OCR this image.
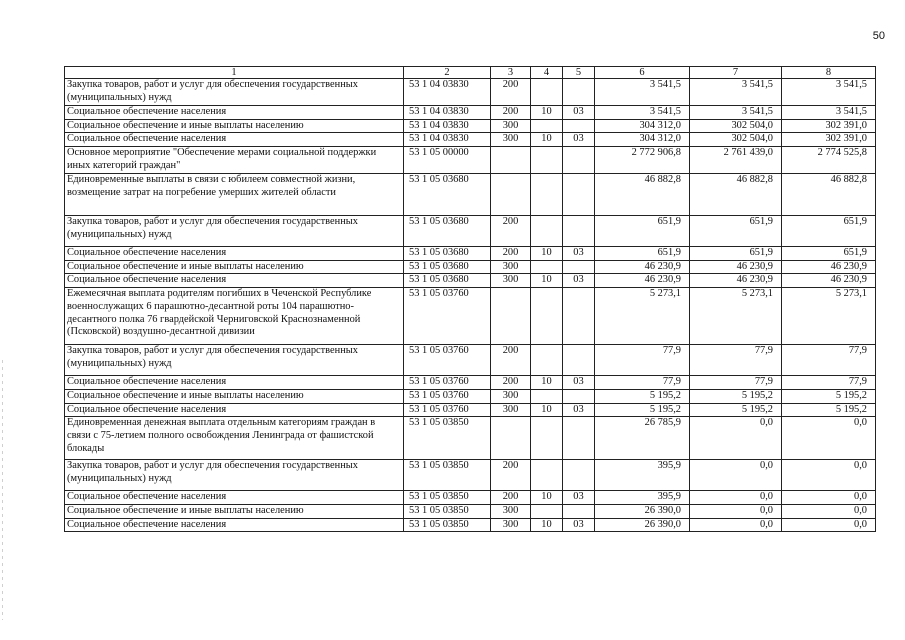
50
1	2	3	4	5	6	7	8
Закупка товаров, работ и услуг для обеспечения государственных (муниципальных) нужд	53 1 04 03830	200			3 541,5	3 541,5	3 541,5
Социальное обеспечение населения	53 1 04 03830	200	10	03	3 541,5	3 541,5	3 541,5
Социальное обеспечение и иные выплаты населению	53 1 04 03830	300			304 312,0	302 504,0	302 391,0
Социальное обеспечение населения	53 1 04 03830	300	10	03	304 312,0	302 504,0	302 391,0
Основное мероприятие "Обеспечение мерами социальной поддержки иных категорий граждан"	53 1 05 00000				2 772 906,8	2 761 439,0	2 774 525,8
Единовременные выплаты в связи с юбилеем совместной жизни, возмещение затрат на погребение умерших жителей области	53 1 05 03680				46 882,8	46 882,8	46 882,8
Закупка товаров, работ и услуг для обеспечения государственных (муниципальных) нужд	53 1 05 03680	200			651,9	651,9	651,9
Социальное обеспечение населения	53 1 05 03680	200	10	03	651,9	651,9	651,9
Социальное обеспечение и иные выплаты населению	53 1 05 03680	300			46 230,9	46 230,9	46 230,9
Социальное обеспечение населения	53 1 05 03680	300	10	03	46 230,9	46 230,9	46 230,9
Ежемесячная выплата родителям погибших в Чеченской Республике военнослужащих 6 парашютно-десантной роты 104 парашютно-десантного полка 76 гвардейской Черниговской Краснознаменной (Псковской) воздушно-десантной дивизии	53 1 05 03760				5 273,1	5 273,1	5 273,1
Закупка товаров, работ и услуг для обеспечения государственных (муниципальных) нужд	53 1 05 03760	200			77,9	77,9	77,9
Социальное обеспечение населения	53 1 05 03760	200	10	03	77,9	77,9	77,9
Социальное обеспечение и иные выплаты населению	53 1 05 03760	300			5 195,2	5 195,2	5 195,2
Социальное обеспечение населения	53 1 05 03760	300	10	03	5 195,2	5 195,2	5 195,2
Единовременная денежная выплата отдельным категориям граждан в связи с 75-летием полного освобождения Ленинграда от фашистской блокады	53 1 05 03850				26 785,9	0,0	0,0
Закупка товаров, работ и услуг для обеспечения государственных (муниципальных) нужд	53 1 05 03850	200			395,9	0,0	0,0
Социальное обеспечение населения	53 1 05 03850	200	10	03	395,9	0,0	0,0
Социальное обеспечение и иные выплаты населению	53 1 05 03850	300			26 390,0	0,0	0,0
Социальное обеспечение населения	53 1 05 03850	300	10	03	26 390,0	0,0	0,0
